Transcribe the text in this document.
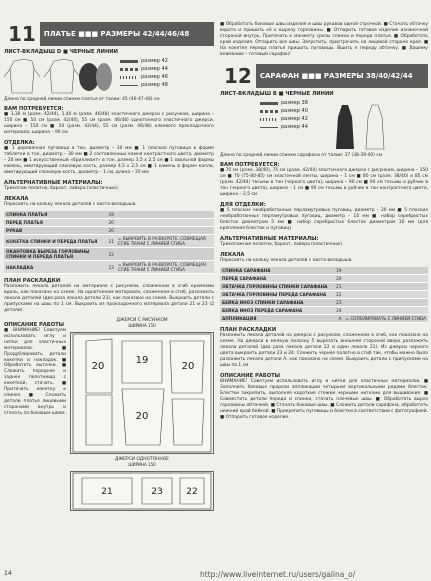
11	ПЛАТЬЕ ■■■ РАЗМЕРЫ 42/44/46/48
ЛИСТ-ВКЛАДЫШ D ■ ЧЕРНЫЕ ЛИНИИ
размер 42
размер 44
размер 46
размер 48
Длина по средней линии спинки платья от талии: 45 (46-47-48) см
ВАМ ПОТРЕБУЕТСЯ:
■ 1,30 м (разм. 42/44), 1,40 м (разм. 46/48) эластичного джерси с рисунком, ширина – 150 см ■ 50 см (разм. 42/44), 55 см (разм. 46/48) однотонного эластичного джерси, ширина – 150 см ■ 50 (разм. 42/44), 55 см (разм. 46/48) клеевого прокладочного материала, ширина – 90 см
ОТДЕЛКА:
■ 1 деревянная пуговица в тон, диаметр – 30 мм ■ 1 плоская пуговица в форме таблетки в тон, диаметр – 30 мм ■ 2 составленных камня контрастного цвета, диаметр – 20 мм ■ 1 искусственный «бриллиант» в тон, размер 3,5 х 2,5 см ■ 1 овальной формы камень, имитирующий слоновую кость, размер 4,5 х 2,5 см ■ 1 камень в форме капли, имитирующий слоновую кость, диаметр – 1 см, длина – 35 мм
АЛЬТЕРНАТИВНЫЕ МАТЕРИАЛЫ:
Трикотаж полотно, бархат, лайкра (эластичные).
ЛЕКАЛА
Пересиять на кальку лекала деталей с листа-вкладыша.
СПИНКА ПЛАТЬЯ	19	
ПЕРЕД ПЛАТЬЯ	20	
РУКАВ	20	
КОКЕТКА СПИНКИ И ПЕРЕДА ПЛАТЬЯ	21	= ВЫКРОИТЬ В РАЗВОРОТЕ, СОВМЕЩАЯ СГИБ ТКАНИ С ЛИНИЕЙ СГИБА
ОКАНТОВКА ВЫРЕЗА ГОРЛОВИНЫ СПИНКИ И ПЕРЕДА ПЛАТЬЯ	22	
НАКЛАДКА	23	= ВЫКРОИТЬ В РАЗВОРОТЕ, СОВМЕЩАЯ СГИБ ТКАНИ С ЛИНИЕЙ СГИБА
ПЛАН РАСКЛАДКИ
Разложить лекала деталей на материале с рисунком, сложенном в сгиб кромками вдоль, как показано на схеме. На однотонном материале, сложенном в сгиб, разложить лекала деталей (два раза лекала детали 23), как показано на схеме. Выкроить детали с припусками на швы по 1 см. Выкроить из прокладочного материала детали 21 и 23 (2 детали).
ОПИСАНИЕ РАБОТЫ
■ ВНИМАНИЕ! Советуем использовать иглу и нитки для эластичных материалов. ■ Продублировать детали кокетки и накладок. ■ Обработать вытачки. ■ Сложить переднее и заднее полотнища с кокеткой, стачать. ■ Притачать кокетку к спинке. ■ Сложить детали платья лицевыми сторонами внутрь и стачать по боковым швам.
ДЖЕРСИ С РИСУНКОМ
ШИРИНА 150
19
20
20
20
ДЖЕРСИ ОДНОТОННОЕ
ШИРИНА 150
21	23	22
■ Обработать боковые швы изделия и швы рукавов одной строчкой. ■ Стачать обтачку ворота и пришить её к вырезу горловины. ■ Отпарить готовое изделие изнаночной стороной внутрь. Притачать к манжету срезы спинки и переда платья. ■ Обработать край изделия. Отпарить все швы. Запустить, пристрочить на лицевой стороне края. ■ На кокетке переда платья пришить пуговицы. Вшить к переду обтачку. ■ Вашему вниманию – готовый сарафан!
12	САРАФАН ■■■ РАЗМЕРЫ 38/40/42/44
ЛИСТ-ВКЛАДЫШ В ■ ЧЕРНЫЕ ЛИНИИ
размер 38
размер 40
размер 42
размер 44
Длина по средней линии спинки сарафана от талии: 37 (38-39-40) см
ВАМ ПОТРЕБУЕТСЯ:
■ 70 см (разм. 38/40), 75 см (разм. 42/44) эластичного джерси с рисунком, ширина – 150 см ■ 70 (75-80-85) см эластичной ленты, ширина – 1 см ■ 80 см (разм. 38/40) и 85 см (разм. 42/44) тесьмы в тон (черного цвета), ширина – 90 см ■ 90 см тесьмы в рубчик в тон (черного цвета), ширина – 1 см ■ 90 см тесьмы в рубчик в тон контрастного цвета, ширина – 2,5 см
ДЛЯ ОТДЕЛКИ:
■ 5 плоских необработанных перламутровых пуговиц, диаметр – 20 мм ■ 5 плоских необработанных перламутровых пуговиц, диаметр – 10 мм ■ набор серебристых блесток диаметром 5 мм ■ набор серебристых блесток диаметром 10 мм (для крепления блесток и пуговиц)
АЛЬТЕРНАТИВНЫЕ МАТЕРИАЛЫ:
Трикотажное полотно, бархат, лайкра (эластичные).
ЛЕКАЛА
Пересиять на кальку лекала деталей с листа-вкладыша.
СПИНКА САРАФАНА	19	
ПЕРЕД САРАФАНА	20	
ОБТАЧКА ГОРЛОВИНЫ СПИНКИ САРАФАНА	21	
ОБТАЧКА ГОРЛОВИНЫ ПЕРЕДА САРАФАНА	22	
БЕЙКА ИНОЗ СПИНКИ САРАФАНА	23	
БЕЙКА ИНОЗ ПЕРЕДА САРАФАНА	24	
АППЛИКАЦИЯ	А	= СОПОЛИРОВАТЬ С ЛИНИЕЙ СГИБА
ПЛАН РАСКЛАДКИ
Разложить лекала деталей на джерси с рисунком, сложенном в сгиб, как показано на схеме. На джерси в мелкую полоску 5 вырезать внешней стороной вверх разложить лекала деталей (два раза лекала детали 22 и один лекала 21). Из джерси черного цвета выкроить детали 23 и 24. Сложить черное полотно в сгиб так, чтобы можно было разложить лекало детали А, как показано на схеме. Выкроить детали с припусками на швы по 1 см.
ОПИСАНИЕ РАБОТЫ
ВНИМАНИЕ! Советуем использовать иглу и нитки для эластичных материалов. ■ Заполнить боковые прорези аппликации четырьмя вертикальными рядами блесток. Блестки закрепить, выполняя короткие стежки черными нитками для вышивания. ■ Совместить детали переда и спинки, стачать плечевые швы. ■ Обработать вырез горловины обтачкой. ■ Стачать боковые швы. ■ Сложить детали сарафана, обработать нижний край бейкой. ■ Прикрепить пуговицы и блестки в соответствии с фотографией. ■ Отпарить готовое изделие.
14	http://www.liveinternet.ru/users/galina_o/
